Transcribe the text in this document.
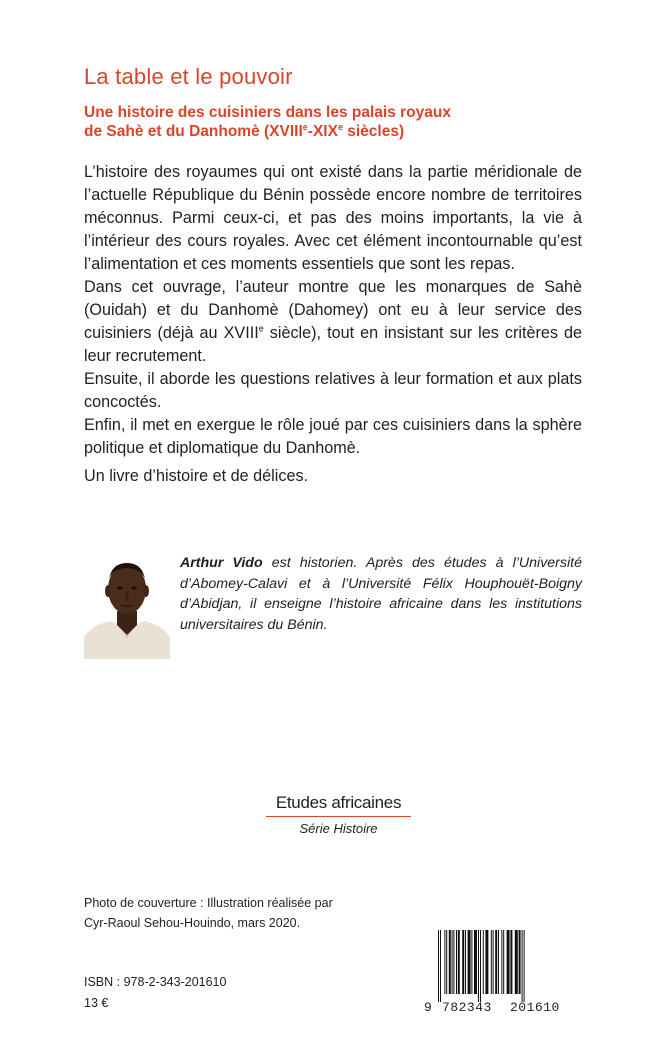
La table et le pouvoir
Une histoire des cuisiniers dans les palais royaux
de Sahè et du Danhomè (XVIIIe-XIXe siècles)

L’histoire des royaumes qui ont existé dans la partie méridionale de l’actuelle République du Bénin possède encore nombre de territoires méconnus. Parmi ceux-ci, et pas des moins importants, la vie à l’intérieur des cours royales. Avec cet élément incontournable qu’est l’alimentation et ces moments essentiels que sont les repas.

Dans cet ouvrage, l’auteur montre que les monarques de Sahè (Ouidah) et du Danhomè (Dahomey) ont eu à leur service des cuisiniers (déjà au XVIIIe siècle), tout en insistant sur les critères de leur recrutement.

Ensuite, il aborde les questions relatives à leur formation et aux plats concoctés.

Enfin, il met en exergue le rôle joué par ces cuisiniers dans la sphère politique et diplomatique du Danhomè.

Un livre d’histoire et de délices.
Arthur Vido est historien. Après des études à l’Université d’Abomey-Calavi et à l’Université Félix Houphouët-Boigny d’Abidjan, il enseigne l’histoire africaine dans les institutions universitaires du Bénin.
Etudes africaines
Série Histoire
Photo de couverture : Illustration réalisée par
Cyr-Raoul Sehou-Houindo, mars 2020.
ISBN : 978-2-343-201610
13 €	9 782343 201610
